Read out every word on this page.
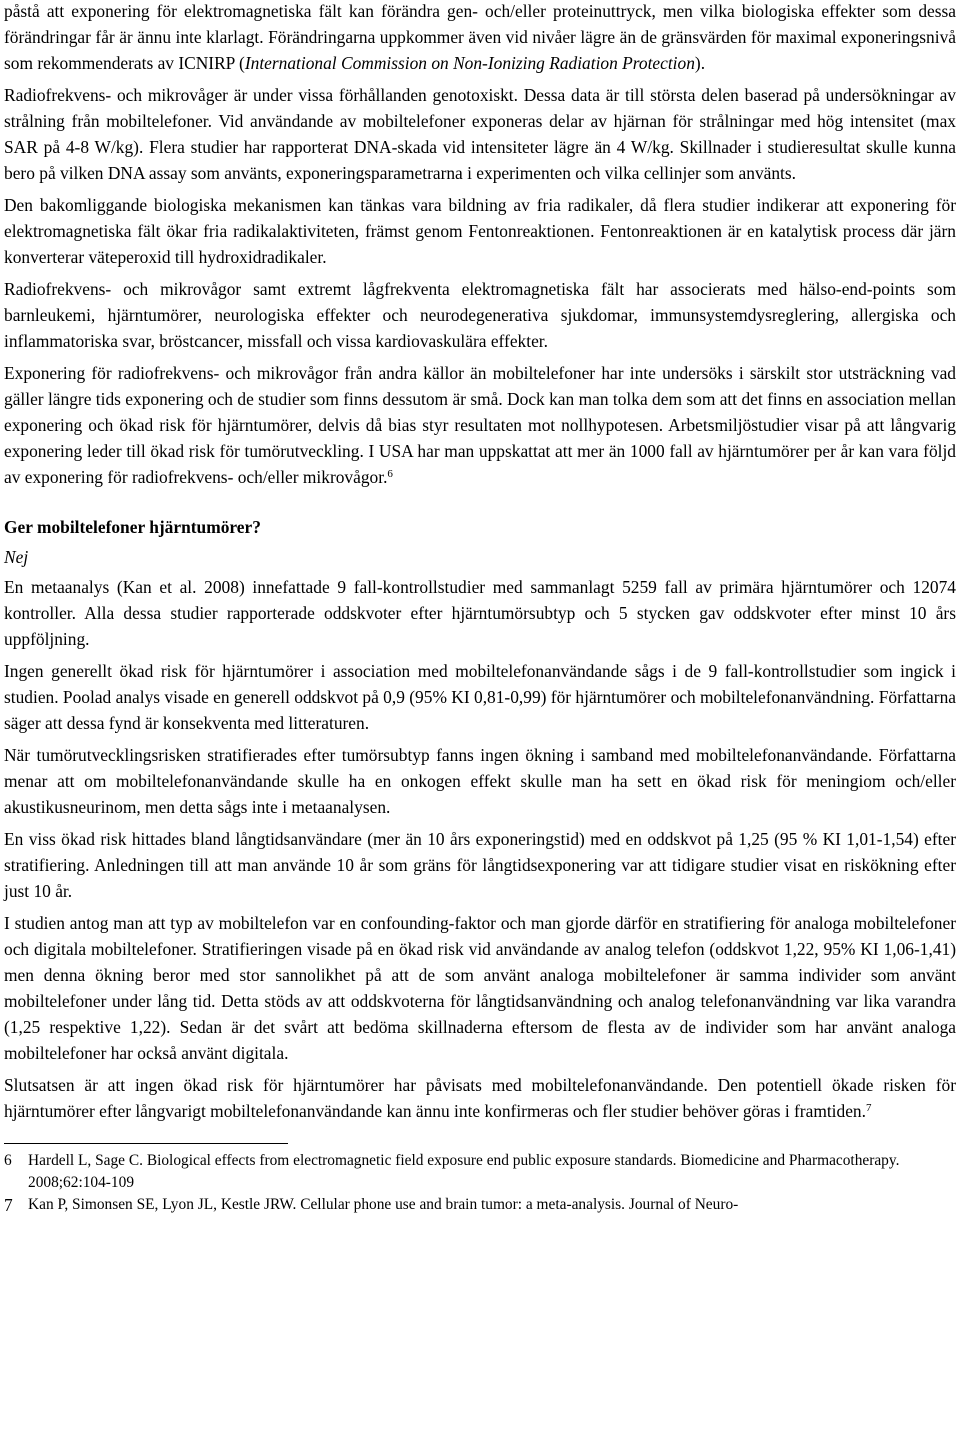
påstå att exponering för elektromagnetiska fält kan förändra gen- och/eller proteinuttryck, men vilka biologiska effekter som dessa förändringar får är ännu inte klarlagt. Förändringarna uppkommer även vid nivåer lägre än de gränsvärden för maximal exponeringsnivå som rekommenderats av ICNIRP (International Commission on Non-Ionizing Radiation Protection).

Radiofrekvens- och mikrovåger är under vissa förhållanden genotoxiskt. Dessa data är till största delen baserad på undersökningar av strålning från mobiltelefoner. Vid användande av mobiltelefoner exponeras delar av hjärnan för strålningar med hög intensitet (max SAR på 4-8 W/kg). Flera studier har rapporterat DNA-skada vid intensiteter lägre än 4 W/kg. Skillnader i studieresultat skulle kunna bero på vilken DNA assay som använts, exponeringsparametrarna i experimenten och vilka cellinjer som använts.

Den bakomliggande biologiska mekanismen kan tänkas vara bildning av fria radikaler, då flera studier indikerar att exponering för elektromagnetiska fält ökar fria radikalaktiviteten, främst genom Fentonreaktionen. Fentonreaktionen är en katalytisk process där järn konverterar väteperoxid till hydroxidradikaler.

Radiofrekvens- och mikrovågor samt extremt lågfrekventa elektromagnetiska fält har associerats med hälso-end-points som barnleukemi, hjärntumörer, neurologiska effekter och neurodegenerativa sjukdomar, immunsystemdysreglering, allergiska och inflammatoriska svar, bröstcancer, missfall och vissa kardiovaskulära effekter.

Exponering för radiofrekvens- och mikrovågor från andra källor än mobiltelefoner har inte undersöks i särskilt stor utsträckning vad gäller längre tids exponering och de studier som finns dessutom är små. Dock kan man tolka dem som att det finns en association mellan exponering och ökad risk för hjärntumörer, delvis då bias styr resultaten mot nollhypotesen. Arbetsmiljöstudier visar på att långvarig exponering leder till ökad risk för tumörutveckling. I USA har man uppskattat att mer än 1000 fall av hjärntumörer per år kan vara följd av exponering för radiofrekvens- och/eller mikrovågor.$^6$

Ger mobiltelefoner hjärntumörer?
Nej

En metaanalys (Kan et al. 2008) innefattade 9 fall-kontrollstudier med sammanlagt 5259 fall av primära hjärntumörer och 12074 kontroller. Alla dessa studier rapporterade oddskvoter efter hjärntumörsubtyp och 5 stycken gav oddskvoter efter minst 10 års uppföljning.

Ingen generellt ökad risk för hjärntumörer i association med mobiltelefonanvändande sågs i de 9 fall-kontrollstudier som ingick i studien. Poolad analys visade en generell oddskvot på 0,9 (95% KI 0,81-0,99) för hjärntumörer och mobiltelefonanvändning. Författarna säger att dessa fynd är konsekventa med litteraturen.

När tumörutvecklingsrisken stratifierades efter tumörsubtyp fanns ingen ökning i samband med mobiltelefonanvändande. Författarna menar att om mobiltelefonanvändande skulle ha en onkogen effekt skulle man ha sett en ökad risk för meningiom och/eller akustikusneurinom, men detta sågs inte i metaanalysen.

En viss ökad risk hittades bland långtidsanvändare (mer än 10 års exponeringstid) med en oddskvot på 1,25 (95 % KI 1,01-1,54) efter stratifiering. Anledningen till att man använde 10 år som gräns för långtidsexponering var att tidigare studier visat en riskökning efter just 10 år.

I studien antog man att typ av mobiltelefon var en confounding-faktor och man gjorde därför en stratifiering för analoga mobiltelefoner och digitala mobiltelefoner. Stratifieringen visade på en ökad risk vid användande av analog telefon (oddskvot 1,22, 95% KI 1,06-1,41) men denna ökning beror med stor sannolikhet på att de som använt analoga mobiltelefoner är samma individer som använt mobiltelefoner under lång tid. Detta stöds av att oddskvoterna för långtidsanvändning och analog telefonanvändning var lika varandra (1,25 respektive 1,22). Sedan är det svårt att bedöma skillnaderna eftersom de flesta av de individer som har använt analoga mobiltelefoner har också använt digitala.

Slutsatsen är att ingen ökad risk för hjärntumörer har påvisats med mobiltelefonanvändande. Den potentiell ökade risken för hjärntumörer efter långvarigt mobiltelefonanvändande kan ännu inte konfirmeras och fler studier behöver göras i framtiden.$^7$

6	Hardell L, Sage C. Biological effects from electromagnetic field exposure end public exposure standards. Biomedicine and Pharmacotherapy. 2008;62:104-109
7 Kan P, Simonsen SE, Lyon JL, Kestle JRW. Cellular phone use and brain tumor: a meta-analysis. Journal of Neuro-
